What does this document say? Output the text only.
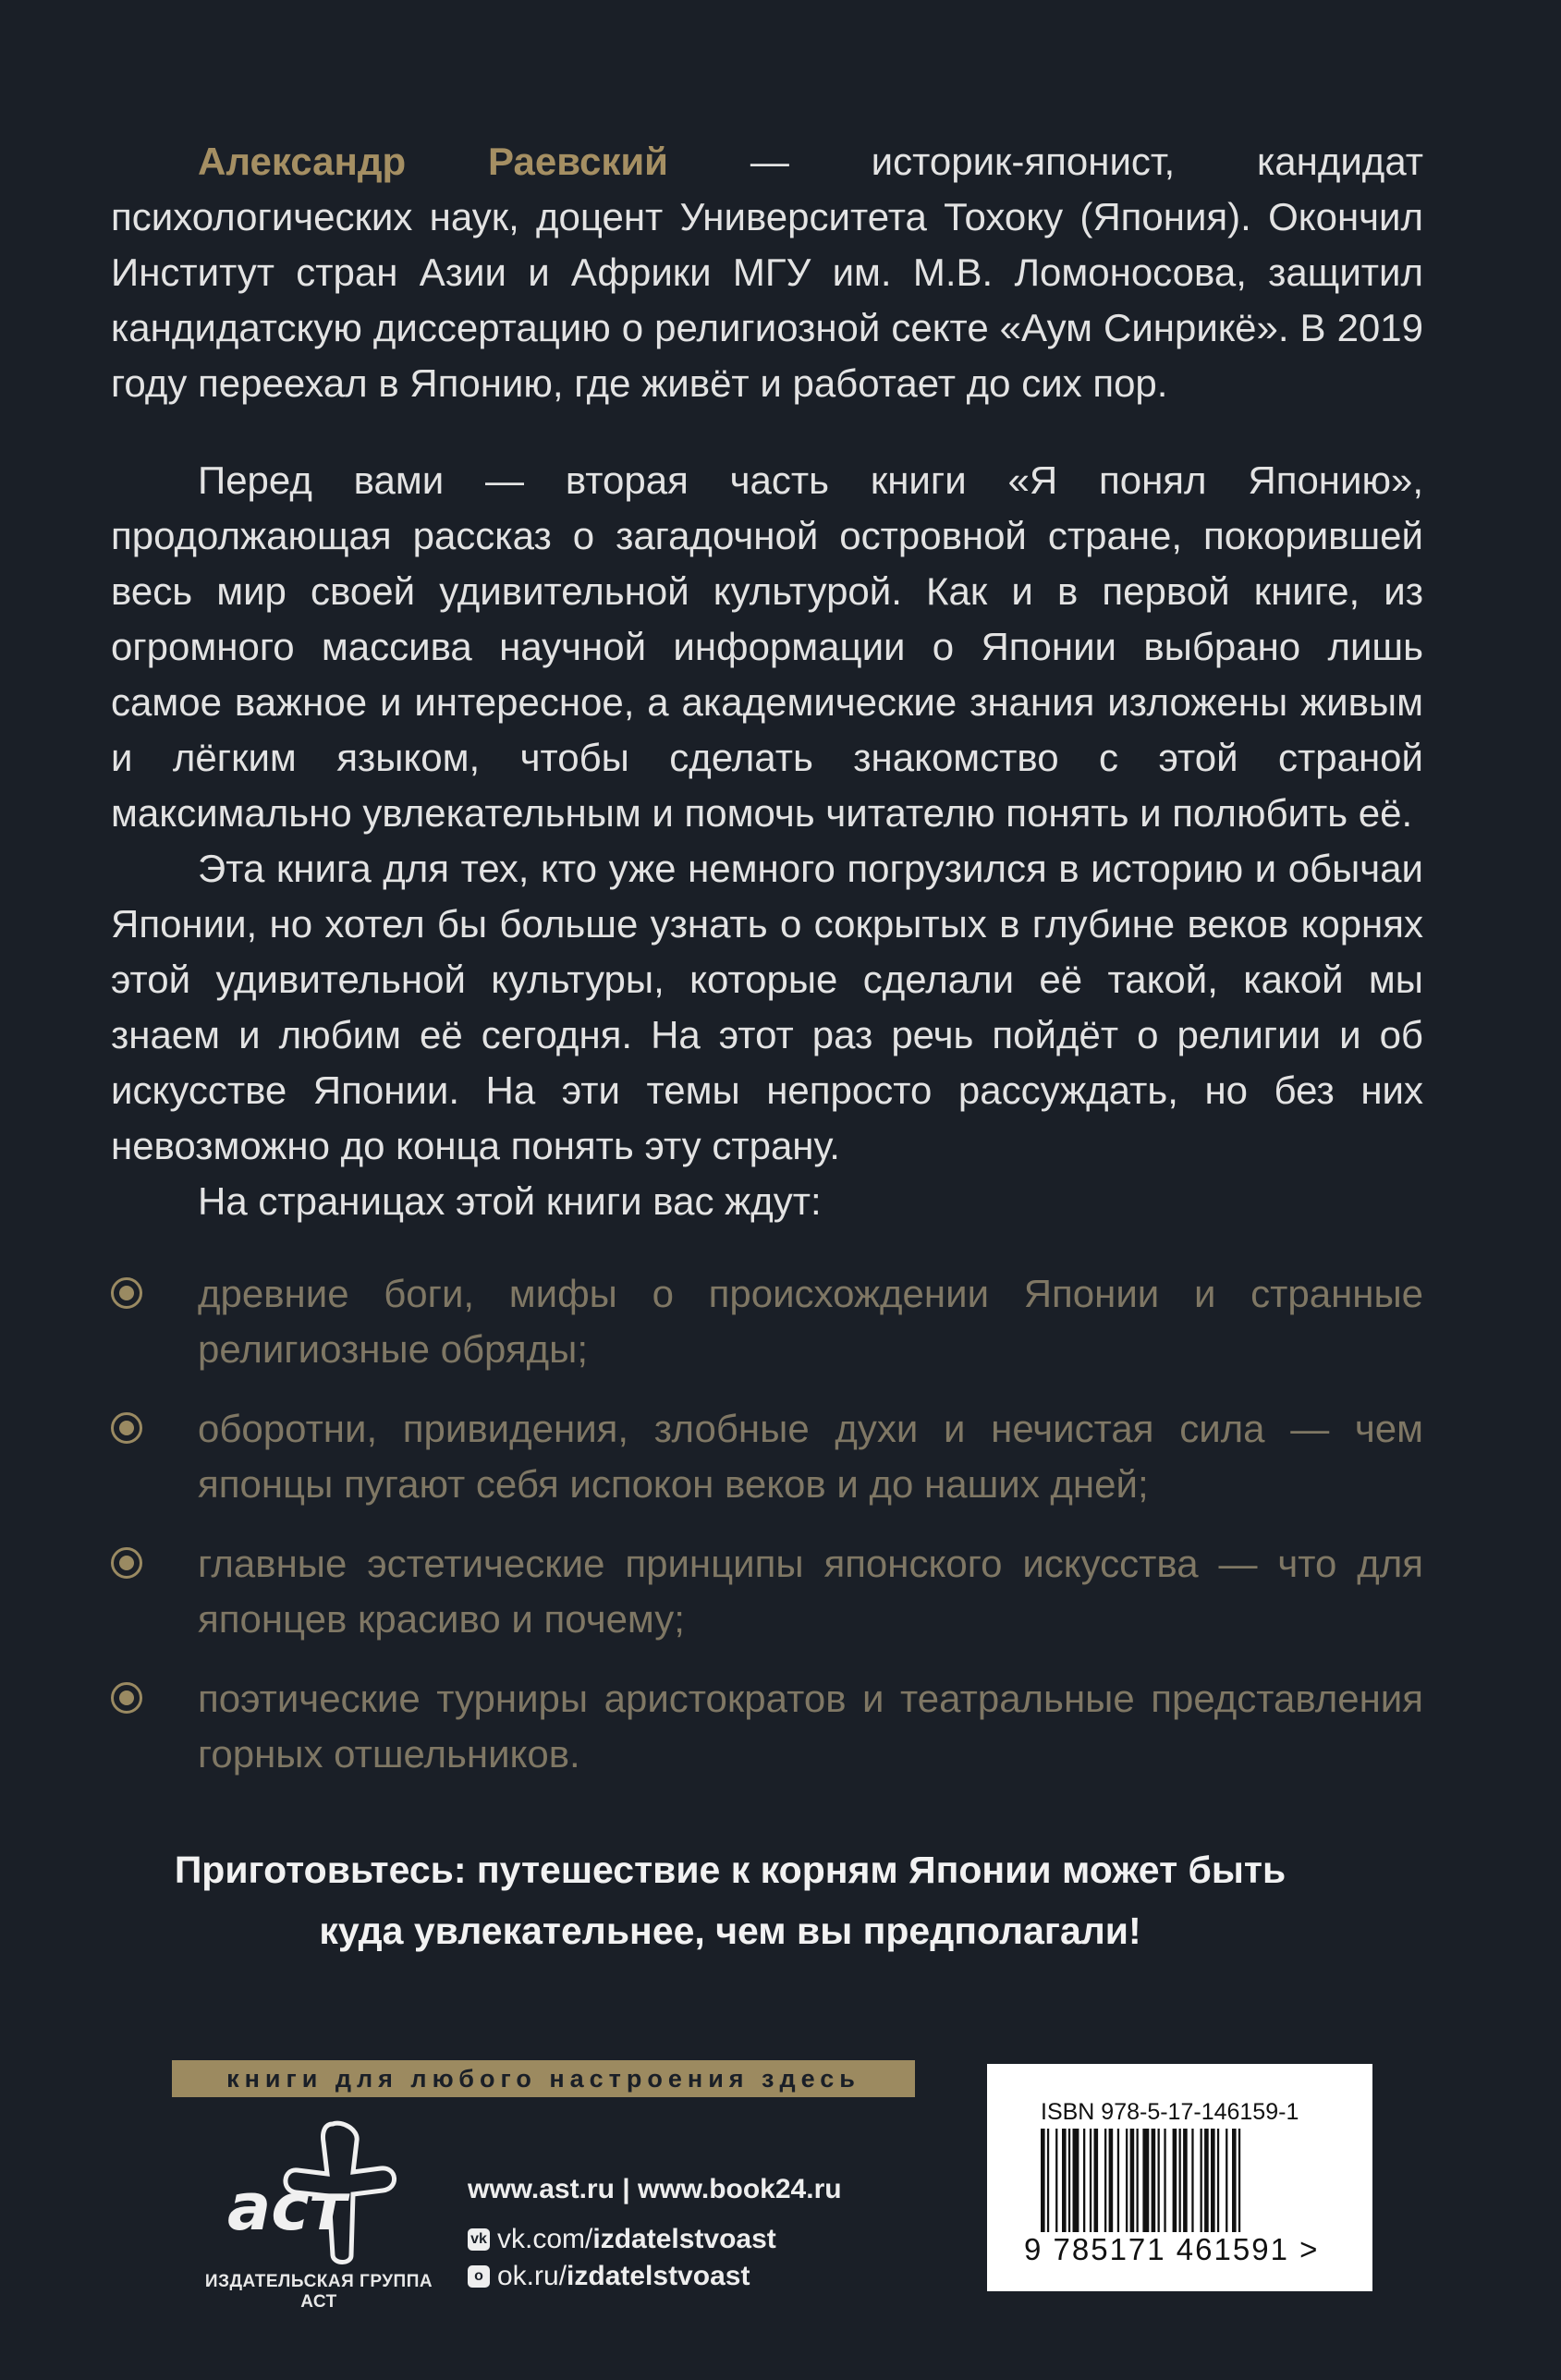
Александр Раевский — историк-японист, кандидат психологических наук, доцент Университета Тохоку (Япония). Окончил Институт стран Азии и Африки МГУ им. М.В. Ломоносова, защитил кандидатскую диссертацию о религиозной секте «Аум Синрикё». В 2019 году переехал в Японию, где живёт и работает до сих пор.

Перед вами — вторая часть книги «Я понял Японию», продолжающая рассказ о загадочной островной стране, покорившей весь мир своей удивительной культурой. Как и в первой книге, из огромного массива научной информации о Японии выбрано лишь самое важное и интересное, а академические знания изложены живым и лёгким языком, чтобы сделать знакомство с этой страной максимально увлекательным и помочь читателю понять и полюбить её.

Эта книга для тех, кто уже немного погрузился в историю и обычаи Японии, но хотел бы больше узнать о сокрытых в глубине веков корнях этой удивительной культуры, которые сделали её такой, какой мы знаем и любим её сегодня. На этот раз речь пойдёт о религии и об искусстве Японии. На эти темы непросто рассуждать, но без них невозможно до конца понять эту страну.

На страницах этой книги вас ждут:

древние боги, мифы о происхождении Японии и странные религиозные обряды;
оборотни, привидения, злобные духи и нечистая сила — чем японцы пугают себя испокон веков и до наших дней;
главные эстетические принципы японского искусства — что для японцев красиво и почему;
поэтические турниры аристократов и театральные представления горных отшельников.
Приготовьтесь: путешествие к корням Японии может быть
куда увлекательнее, чем вы предполагали!
книги для любого настроения здесь
аст
ИЗДАТЕЛЬСКАЯ ГРУППА АСТ
www.ast.ru | www.book24.ru
vk vk.com/ izdatelstvoast
o ok.ru/ izdatelstvoast
ISBN 978-5-17-146159-1
9 785171 461591 >
